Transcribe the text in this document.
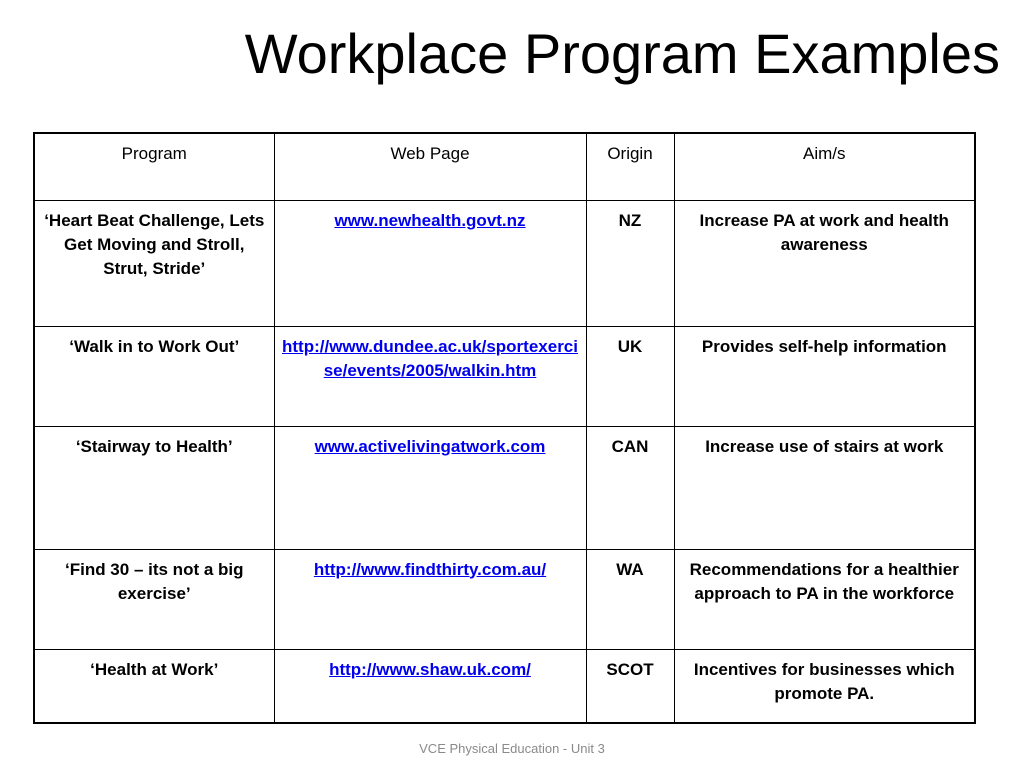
Workplace Program Examples
Program	Web Page	Origin	Aim/s
‘Heart Beat Challenge, Lets Get Moving and Stroll, Strut, Stride’	www.newhealth.govt.nz	NZ	Increase PA at work and health awareness
‘Walk in to Work Out’	http://www.dundee.ac.uk/sportexercise/events/2005/walkin.htm	UK	Provides self-help information
‘Stairway to Health’	www.activelivingatwork.com	CAN	Increase use of stairs at work
‘Find 30 – its not a big exercise’	http://www.findthirty.com.au/	WA	Recommendations for a healthier approach to PA in the workforce
‘Health at Work’	http://www.shaw.uk.com/	SCOT	Incentives for businesses which promote PA.
VCE Physical Education - Unit 3
